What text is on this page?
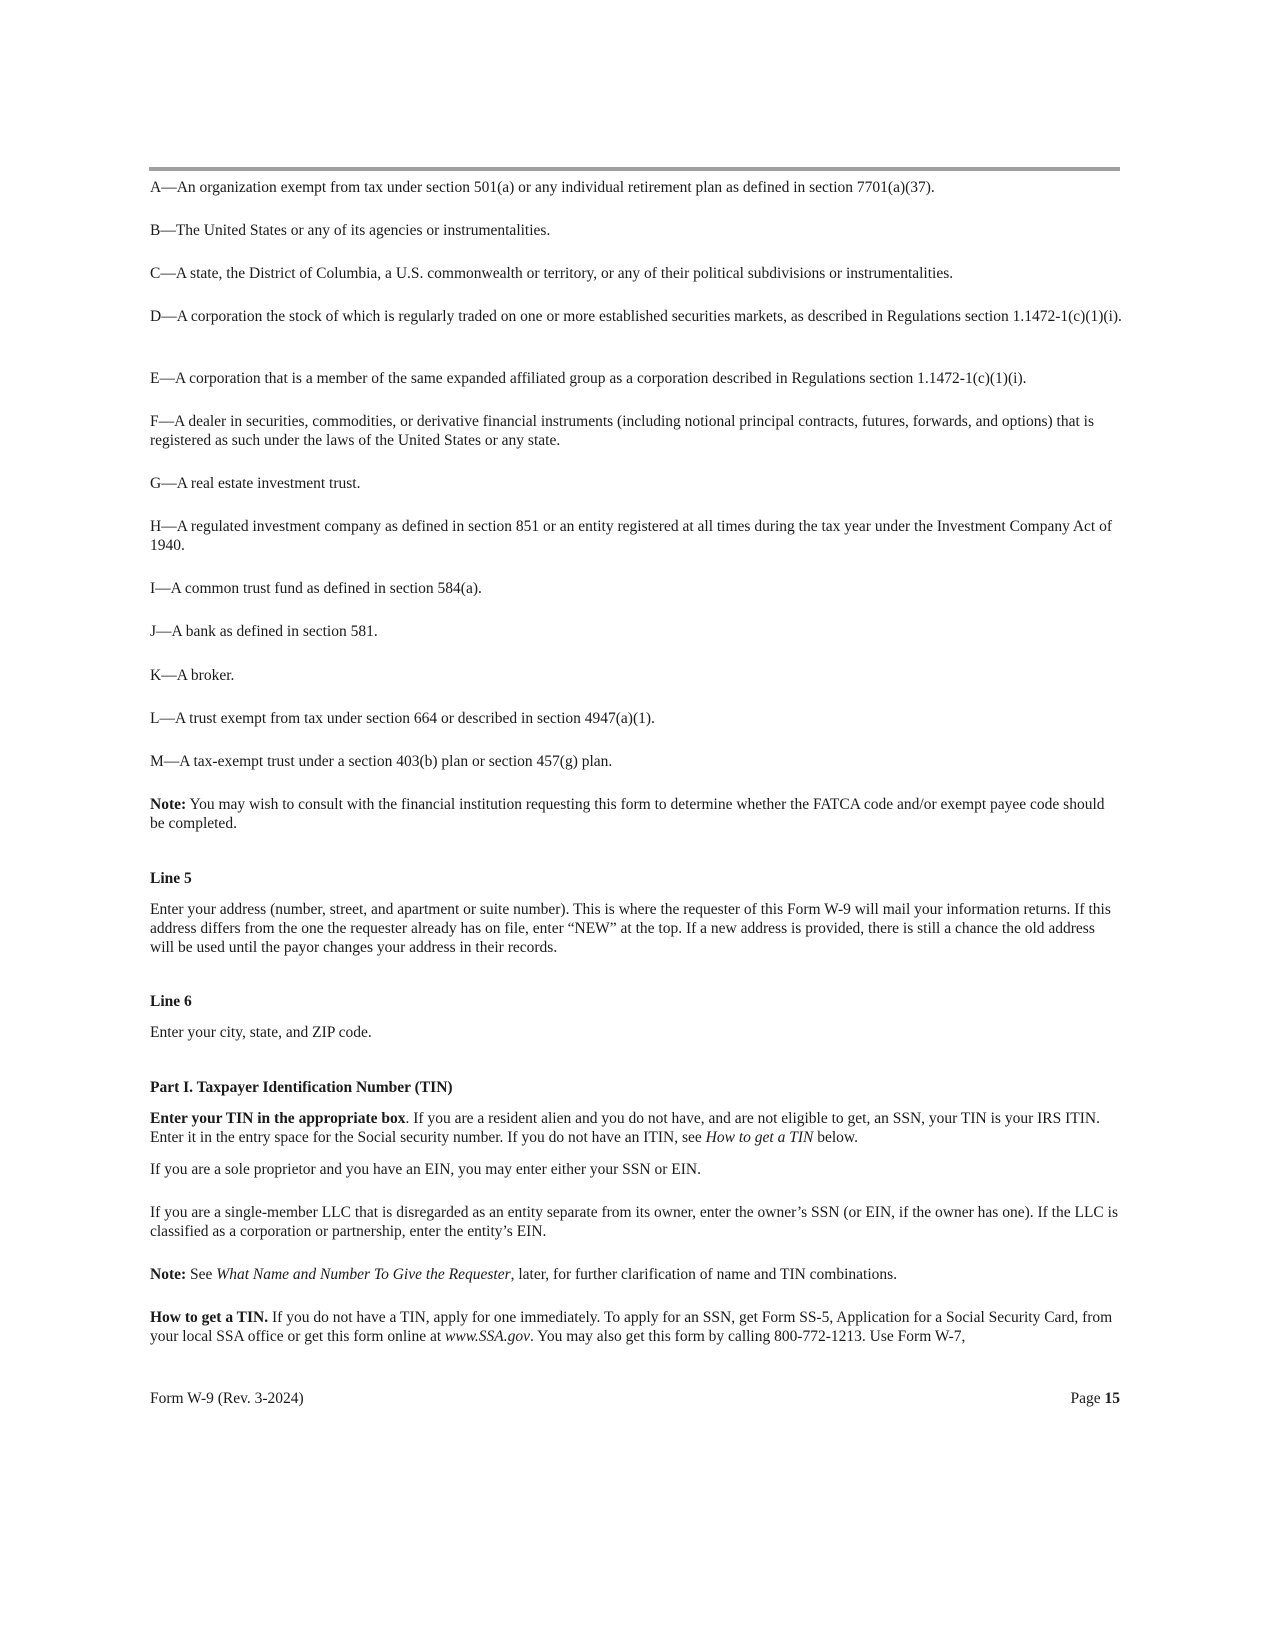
A—An organization exempt from tax under section 501(a) or any individual retirement plan as defined in section 7701(a)(37).

B—The United States or any of its agencies or instrumentalities.

C—A state, the District of Columbia, a U.S. commonwealth or territory, or any of their political subdivisions or instrumentalities.

D—A corporation the stock of which is regularly traded on one or more established securities markets, as described in Regulations section 1.1472-1(c)(1)(i).

E—A corporation that is a member of the same expanded affiliated group as a corporation described in Regulations section 1.1472-1(c)(1)(i).

F—A dealer in securities, commodities, or derivative financial instruments (including notional principal contracts, futures, forwards, and options) that is registered as such under the laws of the United States or any state.

G—A real estate investment trust.

H—A regulated investment company as defined in section 851 or an entity registered at all times during the tax year under the Investment Company Act of 1940.

I—A common trust fund as defined in section 584(a).

J—A bank as defined in section 581.

K—A broker.

L—A trust exempt from tax under section 664 or described in section 4947(a)(1).

M—A tax-exempt trust under a section 403(b) plan or section 457(g) plan.

Note: You may wish to consult with the financial institution requesting this form to determine whether the FATCA code and/or exempt payee code should be completed.

Line 5

Enter your address (number, street, and apartment or suite number). This is where the requester of this Form W-9 will mail your information returns. If this address differs from the one the requester already has on file, enter “NEW” at the top. If a new address is provided, there is still a chance the old address will be used until the payor changes your address in their records.

Line 6

Enter your city, state, and ZIP code.

Part I. Taxpayer Identification Number (TIN)

Enter your TIN in the appropriate box. If you are a resident alien and you do not have, and are not eligible to get, an SSN, your TIN is your IRS ITIN. Enter it in the entry space for the Social security number. If you do not have an ITIN, see How to get a TIN below.

If you are a sole proprietor and you have an EIN, you may enter either your SSN or EIN.

If you are a single-member LLC that is disregarded as an entity separate from its owner, enter the owner’s SSN (or EIN, if the owner has one). If the LLC is classified as a corporation or partnership, enter the entity’s EIN.

Note: See What Name and Number To Give the Requester, later, for further clarification of name and TIN combinations.

How to get a TIN. If you do not have a TIN, apply for one immediately. To apply for an SSN, get Form SS-5, Application for a Social Security Card, from your local SSA office or get this form online at www.SSA.gov. You may also get this form by calling 800-772-1213. Use Form W-7,

Form W-9 (Rev. 3-2024)	Page 15
